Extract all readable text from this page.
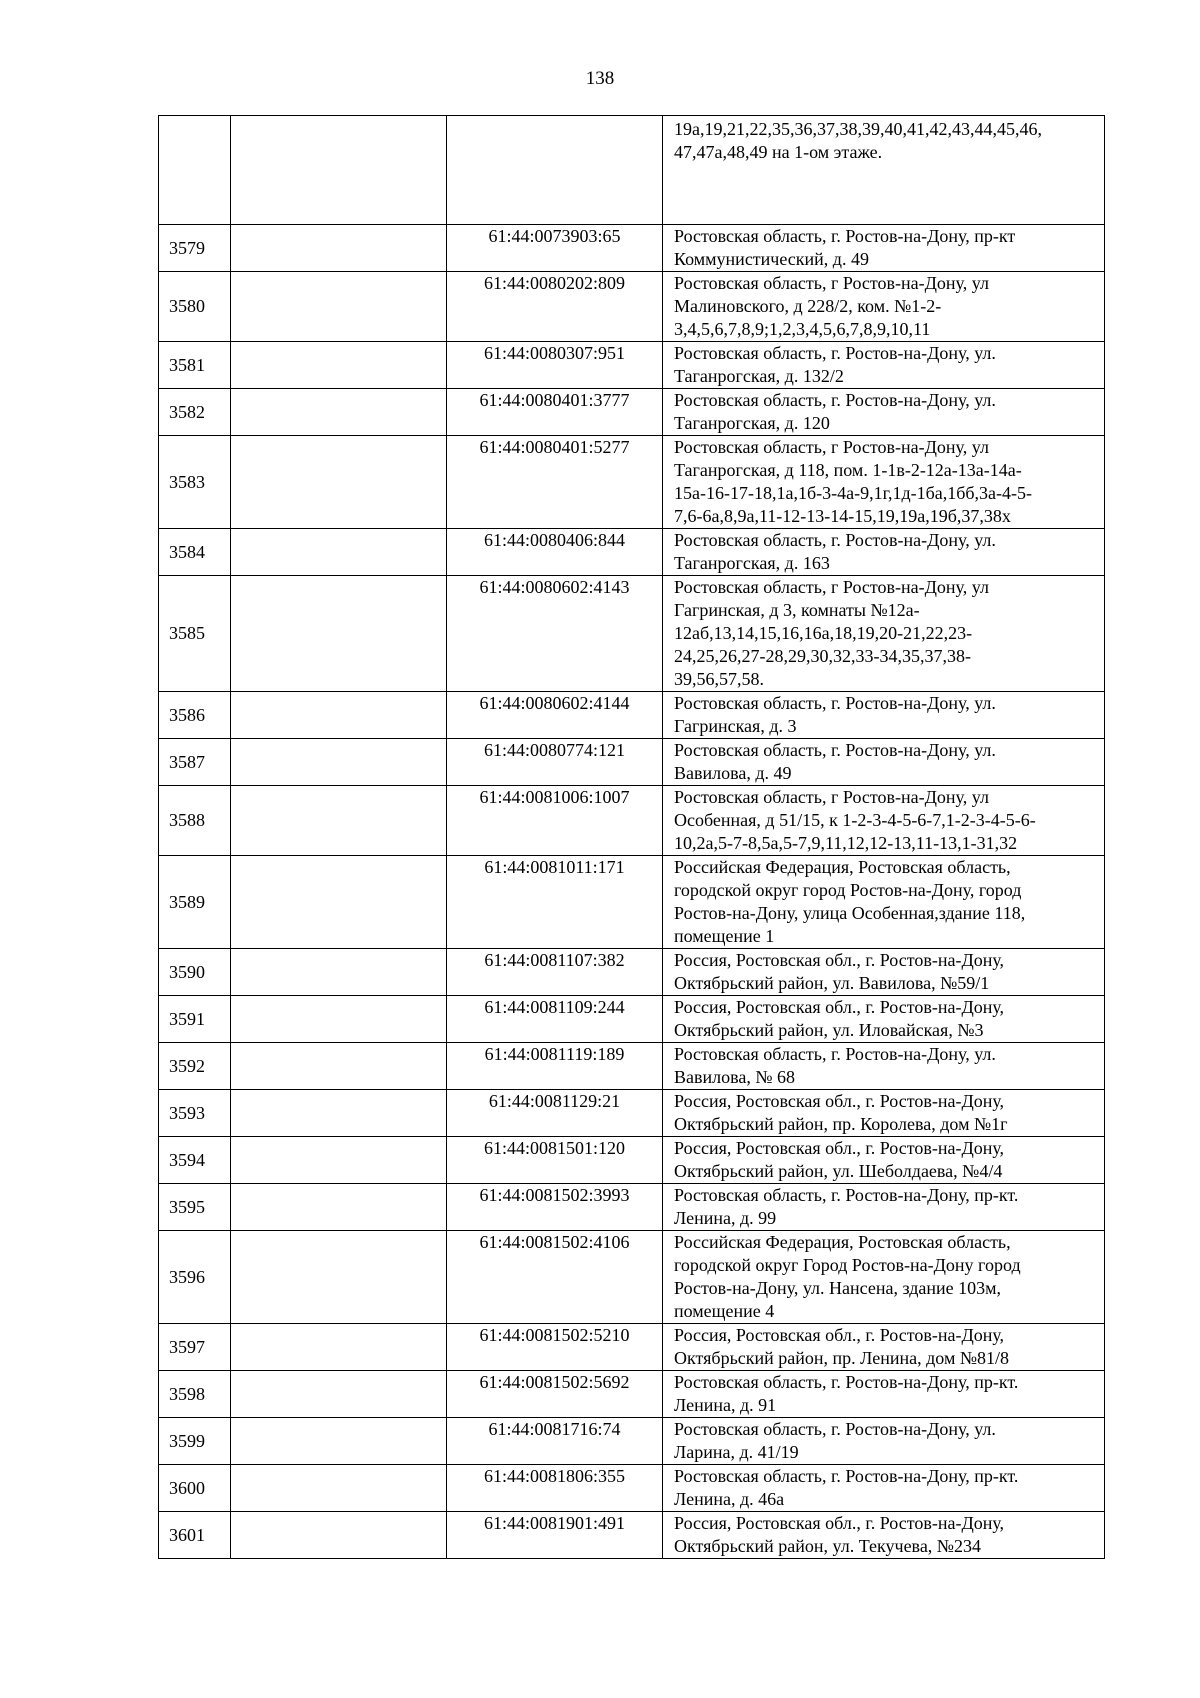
138
			19а,19,21,22,35,36,37,38,39,40,41,42,43,44,45,46,
47,47а,48,49 на 1-ом этаже.
3579		61:44:0073903:65	Ростовская область, г. Ростов-на-Дону, пр-кт
Коммунистический, д. 49
3580		61:44:0080202:809	Ростовская область, г Ростов-на-Дону, ул
Малиновского, д 228/2, ком. №1-2-
3,4,5,6,7,8,9;1,2,3,4,5,6,7,8,9,10,11
3581		61:44:0080307:951	Ростовская область, г. Ростов-на-Дону, ул.
Таганрогская, д. 132/2
3582		61:44:0080401:3777	Ростовская область, г. Ростов-на-Дону, ул.
Таганрогская, д. 120
3583		61:44:0080401:5277	Ростовская область, г Ростов-на-Дону, ул
Таганрогская, д 118, пом. 1-1в-2-12а-13а-14а-
15а-16-17-18,1а,1б-3-4а-9,1г,1д-1ба,1бб,3а-4-5-
7,6-6а,8,9а,11-12-13-14-15,19,19а,19б,37,38х
3584		61:44:0080406:844	Ростовская область, г. Ростов-на-Дону, ул.
Таганрогская, д. 163
3585		61:44:0080602:4143	Ростовская область, г Ростов-на-Дону, ул
Гагринская, д 3, комнаты №12а-
12аб,13,14,15,16,16а,18,19,20-21,22,23-
24,25,26,27-28,29,30,32,33-34,35,37,38-
39,56,57,58.
3586		61:44:0080602:4144	Ростовская область, г. Ростов-на-Дону, ул.
Гагринская, д. 3
3587		61:44:0080774:121	Ростовская область, г. Ростов-на-Дону, ул.
Вавилова, д. 49
3588		61:44:0081006:1007	Ростовская область, г Ростов-на-Дону, ул
Особенная, д 51/15, к 1-2-3-4-5-6-7,1-2-3-4-5-6-
10,2а,5-7-8,5а,5-7,9,11,12,12-13,11-13,1-31,32
3589		61:44:0081011:171	Российская Федерация, Ростовская область,
городской округ город Ростов-на-Дону, город
Ростов-на-Дону, улица Особенная,здание 118,
помещение 1
3590		61:44:0081107:382	Россия, Ростовская обл., г. Ростов-на-Дону,
Октябрьский район, ул. Вавилова, №59/1
3591		61:44:0081109:244	Россия, Ростовская обл., г. Ростов-на-Дону,
Октябрьский район, ул. Иловайская, №3
3592		61:44:0081119:189	Ростовская область, г. Ростов-на-Дону, ул.
Вавилова, № 68
3593		61:44:0081129:21	Россия, Ростовская обл., г. Ростов-на-Дону,
Октябрьский район, пр. Королева, дом №1г
3594		61:44:0081501:120	Россия, Ростовская обл., г. Ростов-на-Дону,
Октябрьский район, ул. Шеболдаева, №4/4
3595		61:44:0081502:3993	Ростовская область, г. Ростов-на-Дону, пр-кт.
Ленина, д. 99
3596		61:44:0081502:4106	Российская Федерация, Ростовская область,
городской округ Город Ростов-на-Дону город
Ростов-на-Дону, ул. Нансена, здание 103м,
помещение 4
3597		61:44:0081502:5210	Россия, Ростовская обл., г. Ростов-на-Дону,
Октябрьский район, пр. Ленина, дом №81/8
3598		61:44:0081502:5692	Ростовская область, г. Ростов-на-Дону, пр-кт.
Ленина, д. 91
3599		61:44:0081716:74	Ростовская область, г. Ростов-на-Дону, ул.
Ларина, д. 41/19
3600		61:44:0081806:355	Ростовская область, г. Ростов-на-Дону, пр-кт.
Ленина, д. 46а
3601		61:44:0081901:491	Россия, Ростовская обл., г. Ростов-на-Дону,
Октябрьский район, ул. Текучева, №234
